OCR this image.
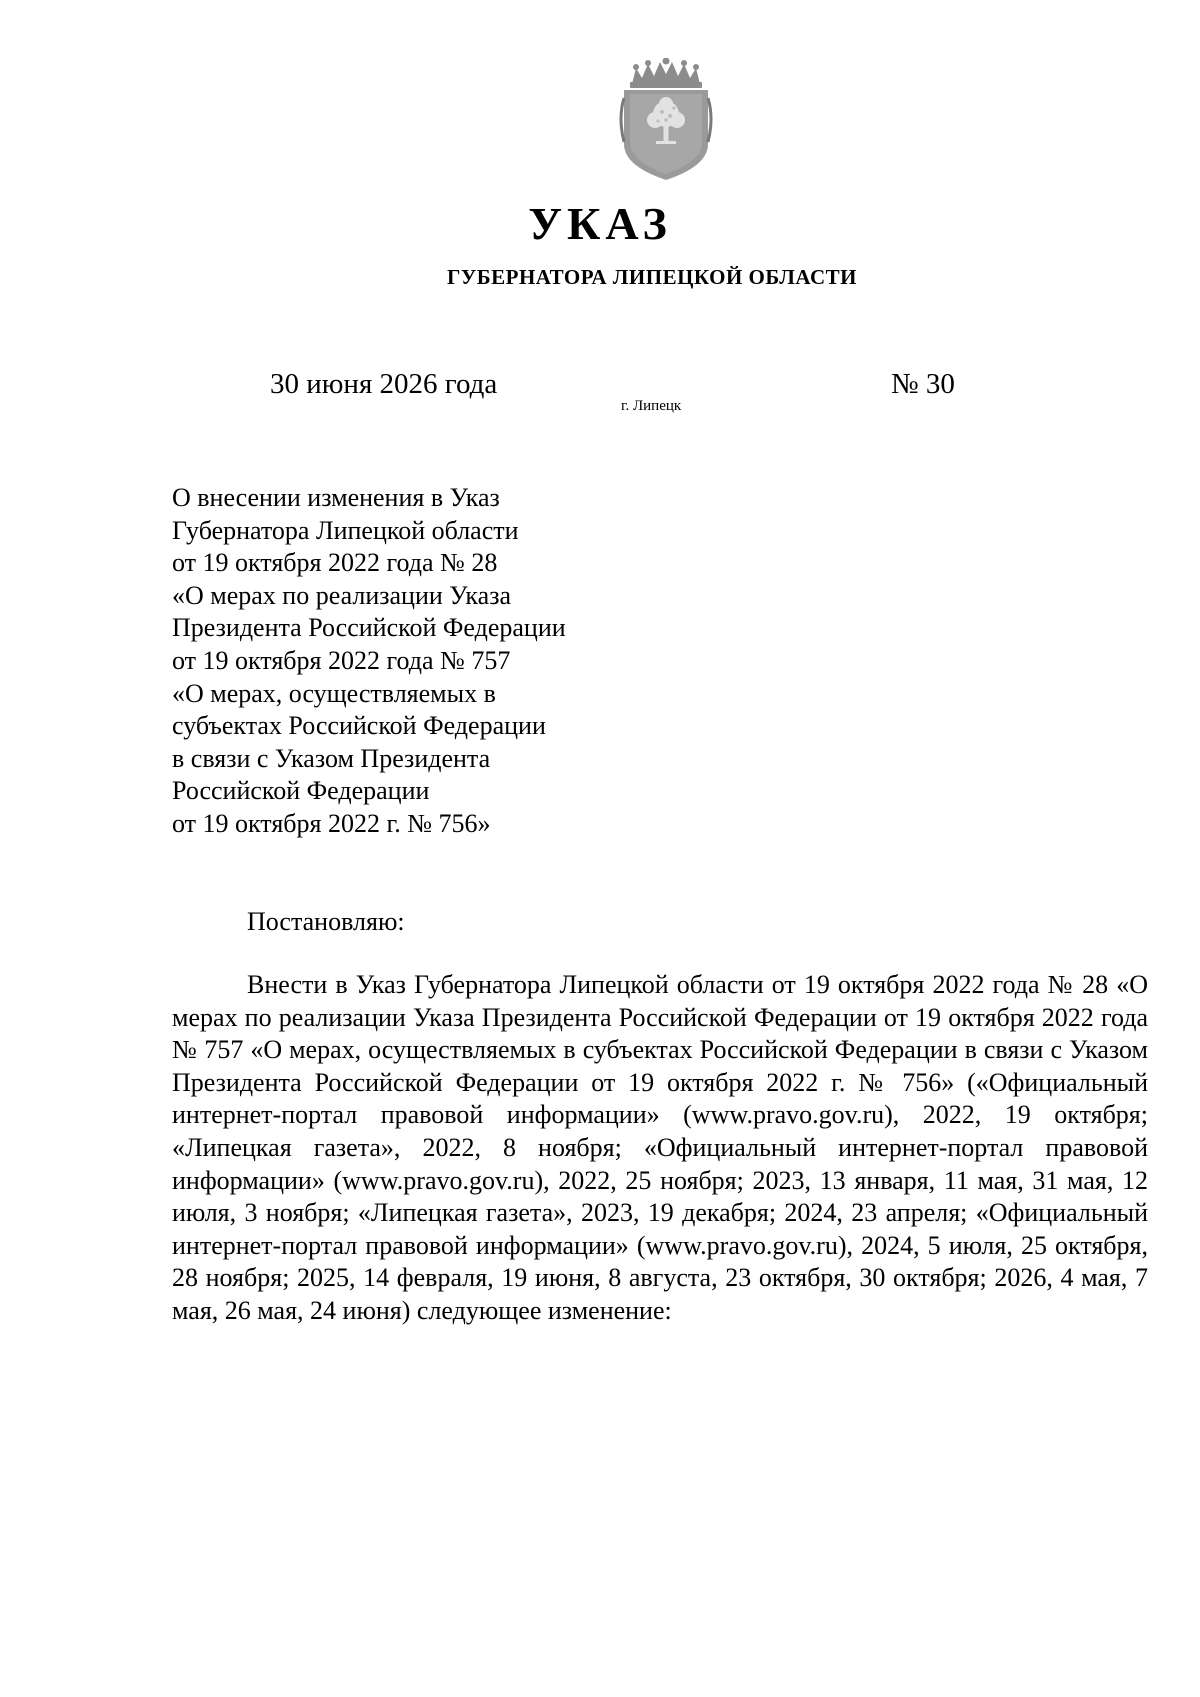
УКАЗ
ГУБЕРНАТОРА ЛИПЕЦКОЙ ОБЛАСТИ
30 июня 2026 года
г. Липецк
№ 30
О внесении изменения в Указ
Губернатора Липецкой области
от 19 октября 2022 года № 28
«О мерах по реализации Указа
Президента Российской Федерации
от 19 октября 2022 года № 757
«О мерах, осуществляемых в
субъектах Российской Федерации
в связи с Указом Президента
Российской Федерации
от 19 октября 2022 г. № 756»
Постановляю:

Внести в Указ Губернатора Липецкой области от 19 октября 2022 года № 28 «О мерах по реализации Указа Президента Российской Федерации от 19 октября 2022 года № 757 «О мерах, осуществляемых в субъектах Российской Федерации в связи с Указом Президента Российской Федерации от 19 октября 2022 г. № 756» («Официальный интернет-портал правовой информации» (www.pravo.gov.ru), 2022, 19 октября; «Липецкая газета», 2022, 8 ноября; «Официальный интернет-портал правовой информации» (www.pravo.gov.ru), 2022, 25 ноября; 2023, 13 января, 11 мая, 31 мая, 12 июля, 3 ноября; «Липецкая газета», 2023, 19 декабря; 2024, 23 апреля; «Официальный интернет-портал правовой информации» (www.pravo.gov.ru), 2024, 5 июля, 25 октября, 28 ноября; 2025, 14 февраля, 19 июня, 8 августа, 23 октября, 30 октября; 2026, 4 мая, 7 мая, 26 мая, 24 июня) следующее изменение:
